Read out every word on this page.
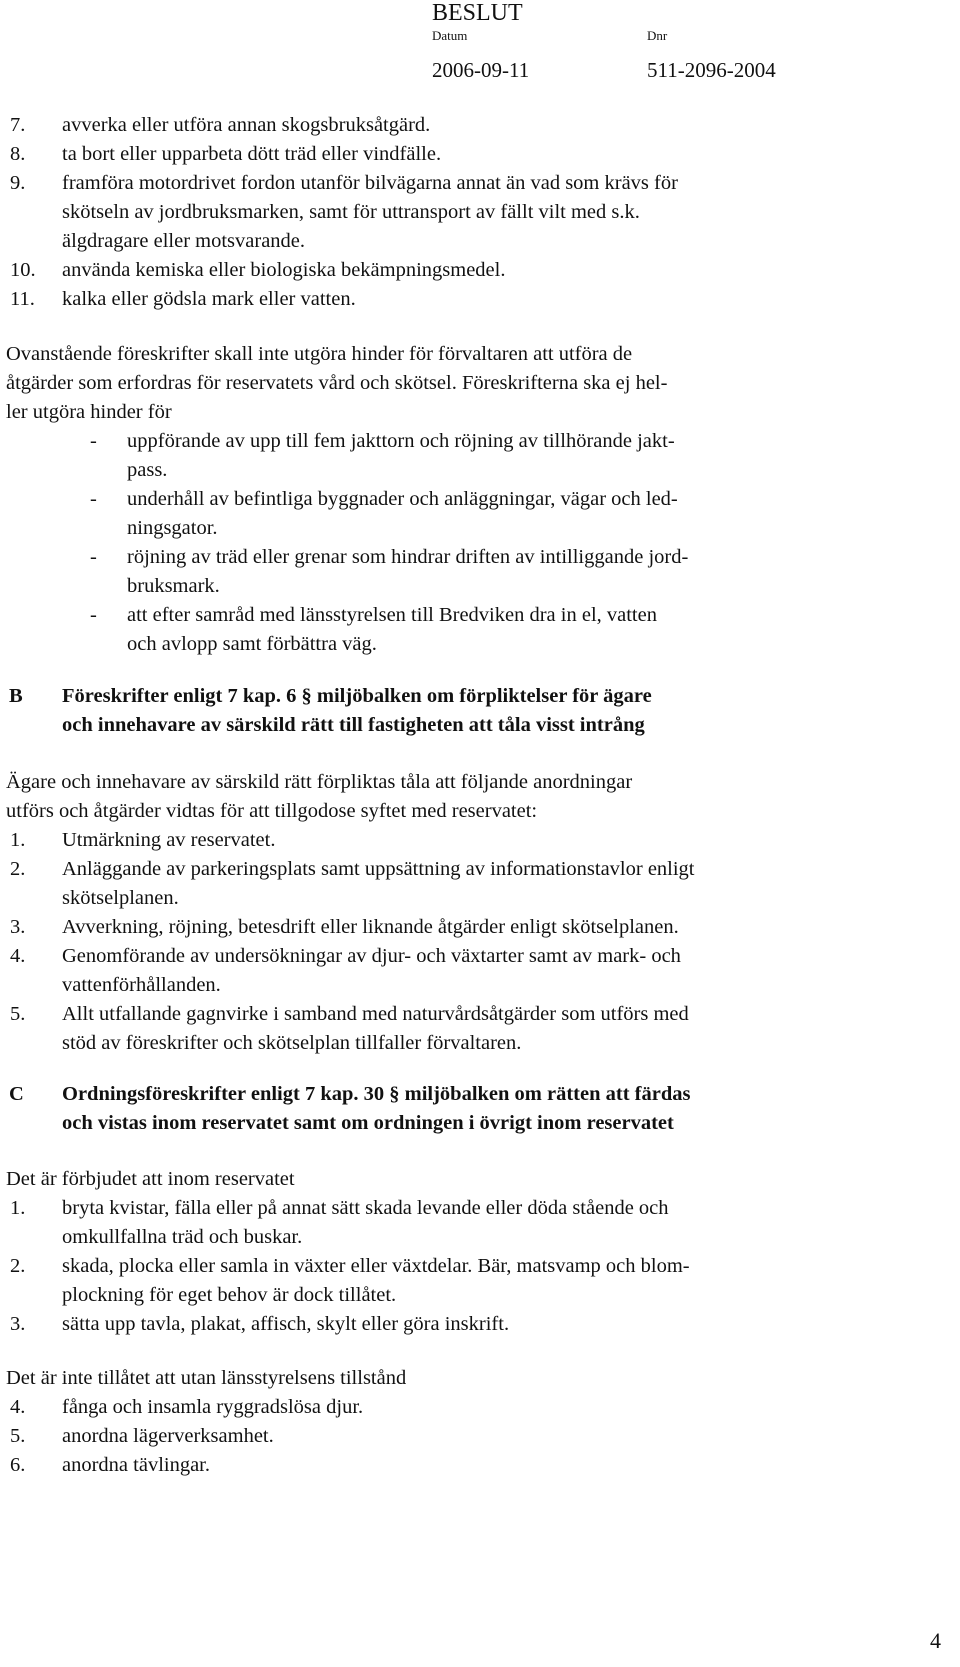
BESLUT
Datum	Dnr
2006-09-11	511-2096-2004
7. avverka eller utföra annan skogsbruksåtgärd.
8. ta bort eller upparbeta dött träd eller vindfälle.
9. framföra motordrivet fordon utanför bilvägarna annat än vad som krävs för
skötseln av jordbruksmarken, samt för uttransport av fällt vilt med s.k.
älgdragare eller motsvarande.
10. använda kemiska eller biologiska bekämpningsmedel.
11. kalka eller gödsla mark eller vatten.
Ovanstående föreskrifter skall inte utgöra hinder för förvaltaren att utföra de
åtgärder som erfordras för reservatets vård och skötsel. Föreskrifterna ska ej hel-
ler utgöra hinder för
- uppförande av upp till fem jakttorn och röjning av tillhörande jakt-
pass.
- underhåll av befintliga byggnader och anläggningar, vägar och led-
ningsgator.
- röjning av träd eller grenar som hindrar driften av intilliggande jord-
bruksmark.
- att efter samråd med länsstyrelsen till Bredviken dra in el, vatten
och avlopp samt förbättra väg.
B Föreskrifter enligt 7 kap. 6 § miljöbalken om förpliktelser för ägare
och innehavare av särskild rätt till fastigheten att tåla visst intrång
Ägare och innehavare av särskild rätt förpliktas tåla att följande anordningar
utförs och åtgärder vidtas för att tillgodose syftet med reservatet:
1. Utmärkning av reservatet.
2. Anläggande av parkeringsplats samt uppsättning av informationstavlor enligt
skötselplanen.
3. Avverkning, röjning, betesdrift eller liknande åtgärder enligt skötselplanen.
4. Genomförande av undersökningar av djur- och växtarter samt av mark- och
vattenförhållanden.
5. Allt utfallande gagnvirke i samband med naturvårdsåtgärder som utförs med
stöd av föreskrifter och skötselplan tillfaller förvaltaren.
C Ordningsföreskrifter enligt 7 kap. 30 § miljöbalken om rätten att färdas
och vistas inom reservatet samt om ordningen i övrigt inom reservatet
Det är förbjudet att inom reservatet
1. bryta kvistar, fälla eller på annat sätt skada levande eller döda stående och
omkullfallna träd och buskar.
2. skada, plocka eller samla in växter eller växtdelar. Bär, matsvamp och blom-
plockning för eget behov är dock tillåtet.
3. sätta upp tavla, plakat, affisch, skylt eller göra inskrift.
Det är inte tillåtet att utan länsstyrelsens tillstånd
4. fånga och insamla ryggradslösa djur.
5. anordna lägerverksamhet.
6. anordna tävlingar.
4
